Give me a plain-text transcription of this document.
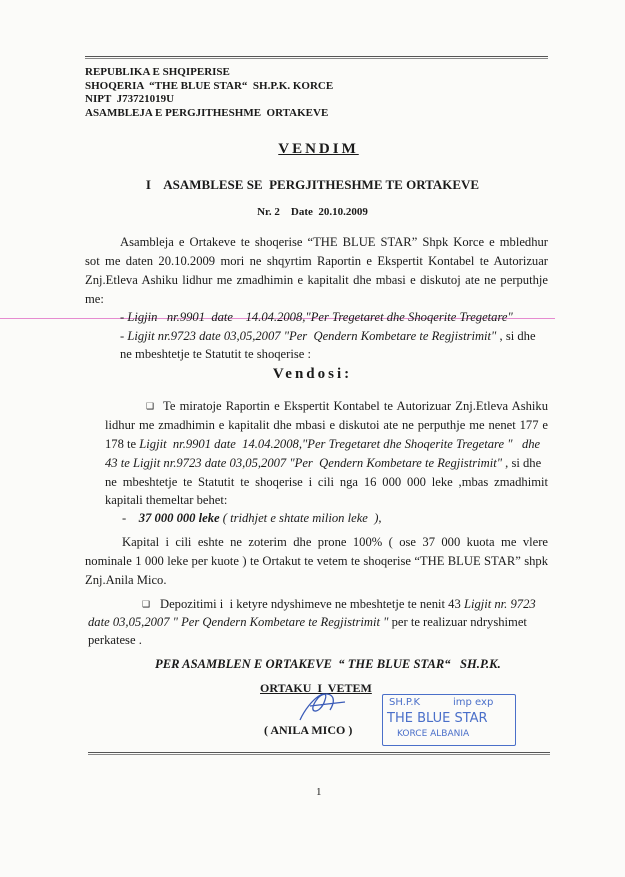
REPUBLIKA E SHQIPERISE
SHOQERIA  “THE BLUE STAR“  SH.P.K. KORCE
NIPT  J73721019U
ASAMBLEJA E PERGJITHESHME  ORTAKEVE
VENDIM
I    ASAMBLESE SE  PERGJITHESHME TE ORTAKEVE
Nr. 2    Date  20.10.2009
Asambleja e Ortakeve te shoqerise “THE BLUE STAR” Shpk Korce e mbledhur
sot me daten 20.10.2009 mori ne shqyrtim Raportin e Ekspertit Kontabel te Autorizuar
Znj.Etleva Ashiku lidhur me zmadhimin e kapitalit dhe mbasi e diskutoj ate ne perputhje
me:
- Ligjin   nr.9901  date    14.04.2008,"Per Tregetaret dhe Shoqerite Tregetare"
- Ligjit nr.9723 date 03,05,2007 "Per  Qendern Kombetare te Regjistrimit" , si dhe
ne mbeshtetje te Statutit te shoqerise :
Vendosi:
❑ Te miratoje Raportin e Ekspertit Kontabel te Autorizuar Znj.Etleva Ashiku
lidhur me zmadhimin e kapitalit dhe mbasi e diskutoi ate ne perputhje me nenet 177 e
178 te Ligjit  nr.9901 date  14.04.2008,"Per Tregetaret dhe Shoqerite Tregetare "   dhe
43 te Ligjit nr.9723 date 03,05,2007 "Per  Qendern Kombetare te Regjistrimit" , si dhe
ne mbeshtetje te Statutit te shoqerise i cili nga 16 000 000 leke ,mbas zmadhimit
kapitali themeltar behet:
- 37 000 000 leke ( tridhjet e shtate milion leke  ),
Kapital i cili eshte ne zoterim dhe prone 100% ( ose 37 000 kuota me vlere
nominale 1 000 leke per kuote ) te Ortakut te vetem te shoqerise “THE BLUE STAR” shpk
Znj.Anila Mico.
❑ Depozitimi i  i ketyre ndyshimeve ne mbeshtetje te nenit 43 Ligjit nr. 9723
date 03,05,2007 " Per Qendern Kombetare te Regjistrimit " per te realizuar ndryshimet
perkatese .
PER ASAMBLEN E ORTAKEVE  “ THE BLUE STAR“   SH.P.K.
ORTAKU  I  VETEM
( ANILA MICO )
SH.P.K	imp exp
THE BLUE STAR
KORCE ALBANIA
1
